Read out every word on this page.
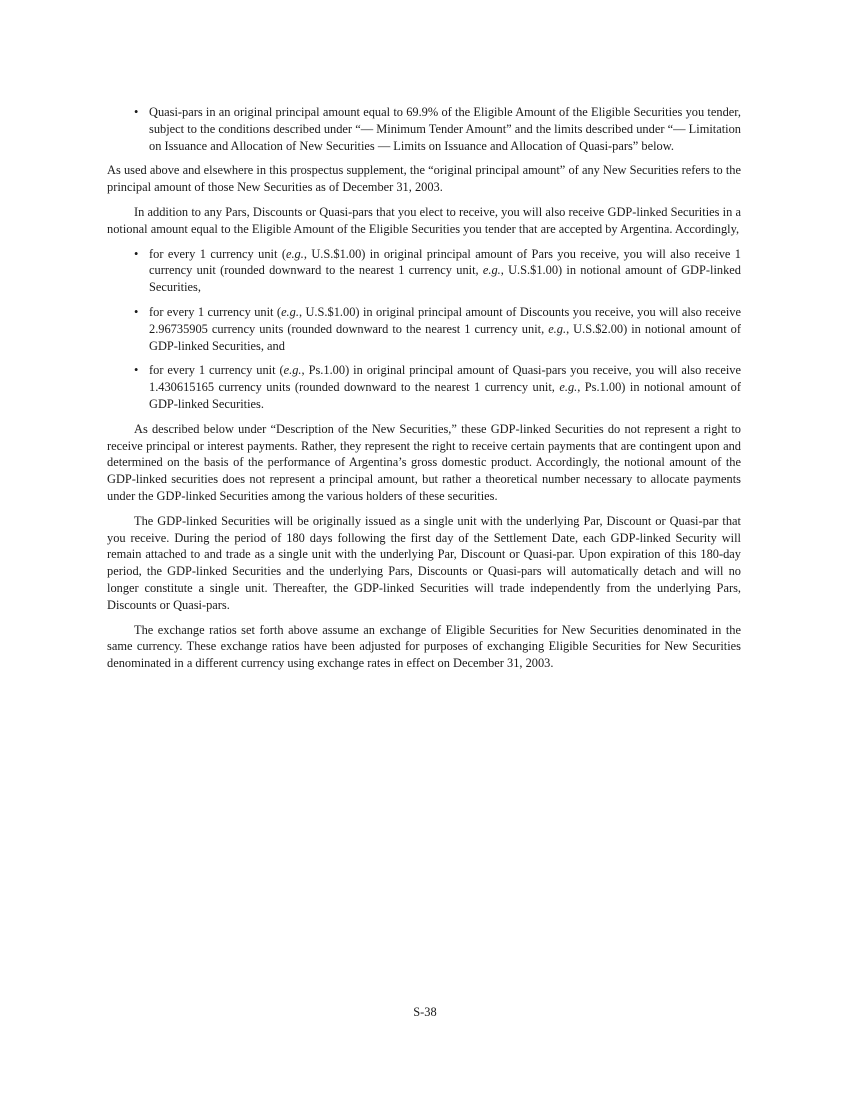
• Quasi-pars in an original principal amount equal to 69.9% of the Eligible Amount of the Eligible Securities you tender, subject to the conditions described under “— Minimum Tender Amount” and the limits described under “— Limitation on Issuance and Allocation of New Securities — Limits on Issuance and Allocation of Quasi-pars” below.

As used above and elsewhere in this prospectus supplement, the “original principal amount” of any New Securities refers to the principal amount of those New Securities as of December 31, 2003.

In addition to any Pars, Discounts or Quasi-pars that you elect to receive, you will also receive GDP-linked Securities in a notional amount equal to the Eligible Amount of the Eligible Securities you tender that are accepted by Argentina. Accordingly,

• for every 1 currency unit (e.g., U.S.$1.00) in original principal amount of Pars you receive, you will also receive 1 currency unit (rounded downward to the nearest 1 currency unit, e.g., U.S.$1.00) in notional amount of GDP-linked Securities,
• for every 1 currency unit (e.g., U.S.$1.00) in original principal amount of Discounts you receive, you will also receive 2.96735905 currency units (rounded downward to the nearest 1 currency unit, e.g., U.S.$2.00) in notional amount of GDP-linked Securities, and
• for every 1 currency unit (e.g., Ps.1.00) in original principal amount of Quasi-pars you receive, you will also receive 1.430615165 currency units (rounded downward to the nearest 1 currency unit, e.g., Ps.1.00) in notional amount of GDP-linked Securities.

As described below under “Description of the New Securities,” these GDP-linked Securities do not represent a right to receive principal or interest payments. Rather, they represent the right to receive certain payments that are contingent upon and determined on the basis of the performance of Argentina’s gross domestic product. Accordingly, the notional amount of the GDP-linked securities does not represent a principal amount, but rather a theoretical number necessary to allocate payments under the GDP-linked Securities among the various holders of these securities.

The GDP-linked Securities will be originally issued as a single unit with the underlying Par, Discount or Quasi-par that you receive. During the period of 180 days following the first day of the Settlement Date, each GDP-linked Security will remain attached to and trade as a single unit with the underlying Par, Discount or Quasi-par. Upon expiration of this 180-day period, the GDP-linked Securities and the underlying Pars, Discounts or Quasi-pars will automatically detach and will no longer constitute a single unit. Thereafter, the GDP-linked Securities will trade independently from the underlying Pars, Discounts or Quasi-pars.

The exchange ratios set forth above assume an exchange of Eligible Securities for New Securities denominated in the same currency. These exchange ratios have been adjusted for purposes of exchanging Eligible Securities for New Securities denominated in a different currency using exchange rates in effect on December 31, 2003.

S-38
